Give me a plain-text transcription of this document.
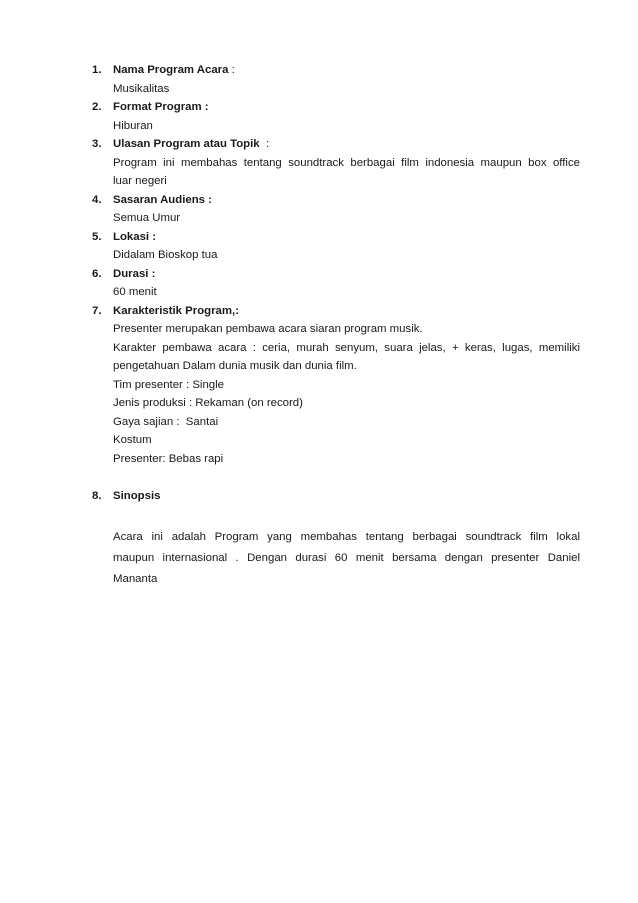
1. Nama Program Acara :
Musikalitas
2. Format Program :
Hiburan
3. Ulasan Program atau Topik  :
Program ini membahas tentang soundtrack berbagai film indonesia maupun box office
luar negeri
4. Sasaran Audiens :
Semua Umur
5. Lokasi :
Didalam Bioskop tua
6. Durasi :
60 menit
7. Karakteristik Program,:
Presenter merupakan pembawa acara siaran program musik.
Karakter pembawa acara : ceria, murah senyum, suara jelas, + keras, lugas, memiliki
pengetahuan Dalam dunia musik dan dunia film.
Tim presenter : Single
Jenis produksi : Rekaman (on record)
Gaya sajian :  Santai
Kostum
Presenter: Bebas rapi
8. Sinopsis
Acara ini adalah Program yang membahas tentang berbagai soundtrack film lokal
maupun internasional . Dengan durasi 60 menit bersama dengan presenter Daniel
Mananta
